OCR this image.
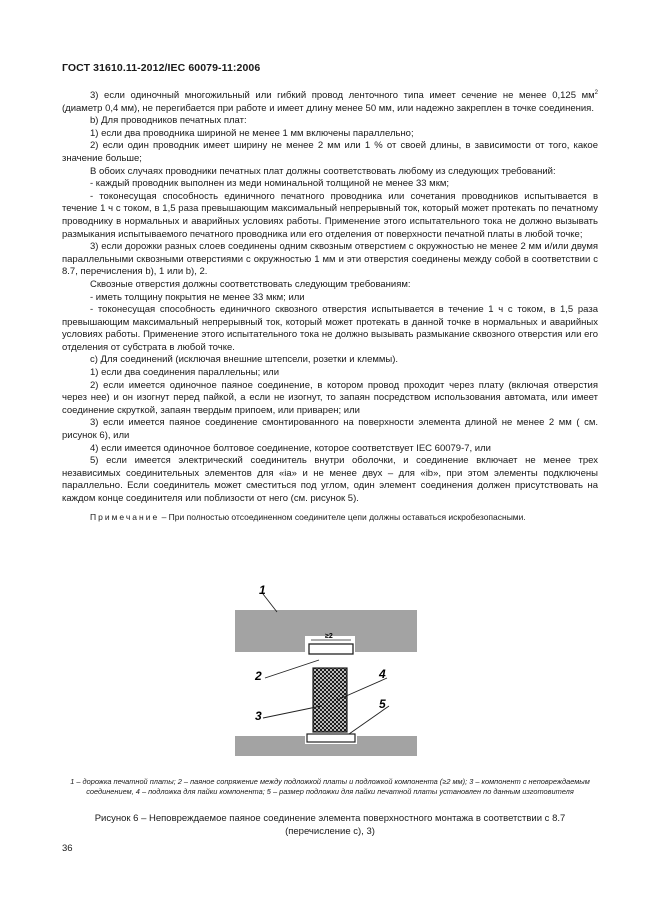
ГОСТ 31610.11-2012/IEC 60079-11:2006

3) если одиночный многожильный или гибкий провод ленточного типа имеет сечение не менее 0,125 $мм^2$ (диаметр 0,4 мм), не перегибается при работе и имеет длину менее 50 мм, или надежно закреплен в точке соединения.

b) Для проводников печатных плат:

1) если два проводника шириной не менее 1 мм включены параллельно;

2) если один проводник имеет ширину не менее 2 мм или 1 % от своей длины, в зависимости от того, какое значение больше;

В обоих случаях проводники печатных плат должны соответствовать любому из следующих требований:

- каждый проводник выполнен из меди номинальной толщиной не менее 33 мкм;

- токонесущая способность единичного печатного проводника или сочетания проводников испытывается в течение 1 ч с током, в 1,5 раза превышающим максимальный непрерывный ток, который может протекать по печатному проводнику в нормальных и аварийных условиях работы. Применение этого испытательного тока не должно вызывать размыкания испытываемого печатного проводника или его отделения от поверхности печатной платы в любой точке;

3) если дорожки разных слоев соединены одним сквозным отверстием с окружностью не менее 2 мм и/или двумя параллельными сквозными отверстиями с окружностью 1 мм и эти отверстия соединены между собой в соответствии с 8.7, перечисления b), 1 или b), 2.

Сквозные отверстия должны соответствовать следующим требованиям:

- иметь толщину покрытия не менее 33 мкм; или

- токонесущая способность единичного сквозного отверстия испытывается в течение 1 ч с током, в 1,5 раза превышающим максимальный непрерывный ток, который может протекать в данной точке в нормальных и аварийных условиях работы. Применение этого испытательного тока не должно вызывать размыкание сквозного отверстия или его отделения от субстрата в любой точке.

c) Для соединений (исключая внешние штепсели, розетки и клеммы).

1) если два соединения параллельны; или

2) если имеется одиночное паяное соединение, в котором провод проходит через плату (включая отверстия через нее) и он изогнут перед пайкой, а если не изогнут, то запаян посредством использования автомата, или имеет соединение скруткой, запаян твердым припоем, или приварен; или

3) если имеется паяное соединение смонтированного на поверхности элемента длиной не менее 2 мм ( см. рисунок 6), или

4) если имеется одиночное болтовое соединение, которое соответствует IEC 60079-7, или

5) если имеется электрический соединитель внутри оболочки, и соединение включает не менее трех независимых соединительных элементов для «ia» и не менее двух – для «ib», при этом элементы подключены параллельно. Если соединитель может сместиться под углом, один элемент соединения должен присутствовать на каждом конце соединителя или поблизости от него (см. рисунок 5).

Примечание – При полностью отсоединенном соединителе цепи должны оставаться искробезопасными.

≥2
1
2	4
3
5
1 – дорожка печатной платы; 2 – паяное сопряжение между подложкой платы и подложкой компонента (≥2 мм); 3 – компонент с неповреждаемым соединением, 4 – подложка для пайки компонента; 5 – размер подложки для пайки печатной платы установлен по данным изготовителя
Рисунок 6 – Неповреждаемое паяное соединение элемента поверхностного монтажа в соответствии с 8.7
(перечисление c), 3)
36
